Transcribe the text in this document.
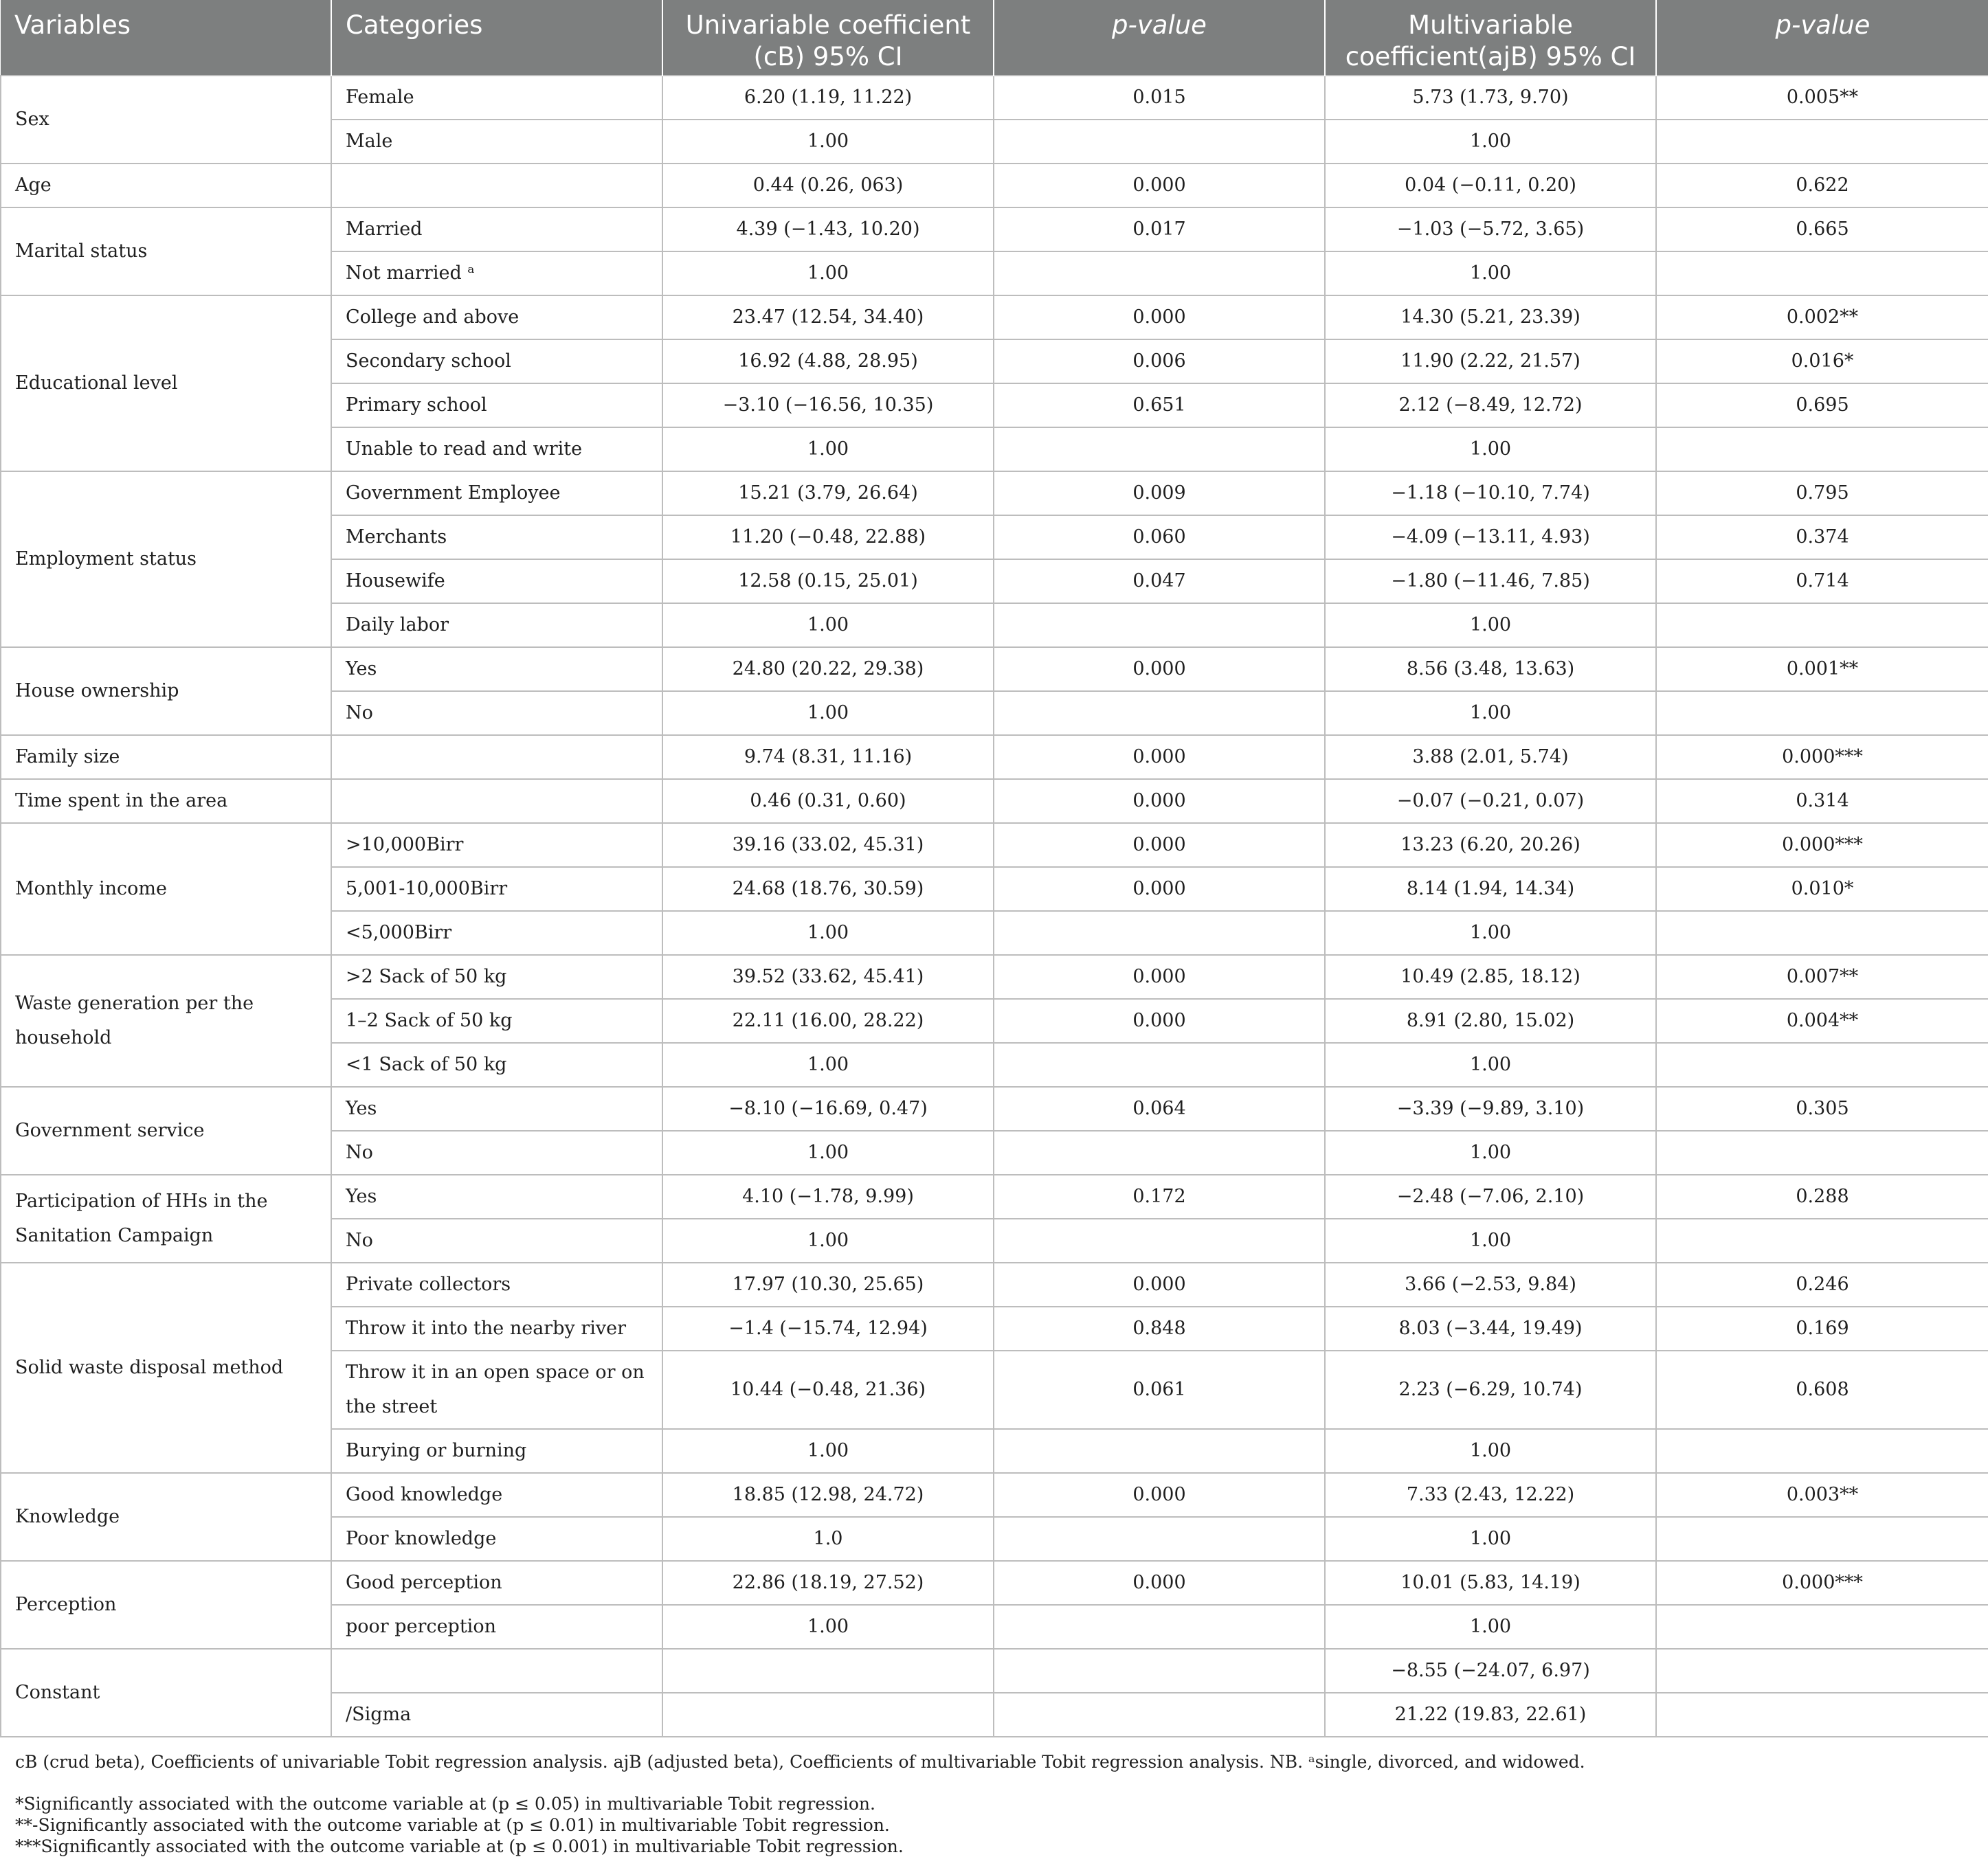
Variables	Categories	Univariable coefficient (cB) 95% CI	p-value	Multivariable coefficient(ajB) 95% CI	p-value
Sex	Female	6.20 (1.19, 11.22)	0.015	5.73 (1.73, 9.70)	0.005**
	Male	1.00		1.00	
Age		0.44 (0.26, 063)	0.000	0.04 (−0.11, 0.20)	0.622
Marital status	Married	4.39 (−1.43, 10.20)	0.017	−1.03 (−5.72, 3.65)	0.665
	Not married ᵃ	1.00		1.00	
Educational level	College and above	23.47 (12.54, 34.40)	0.000	14.30 (5.21, 23.39)	0.002**
	Secondary school	16.92 (4.88, 28.95)	0.006	11.90 (2.22, 21.57)	0.016*
	Primary school	−3.10 (−16.56, 10.35)	0.651	2.12 (−8.49, 12.72)	0.695
	Unable to read and write	1.00		1.00	
Employment status	Government Employee	15.21 (3.79, 26.64)	0.009	−1.18 (−10.10, 7.74)	0.795
	Merchants	11.20 (−0.48, 22.88)	0.060	−4.09 (−13.11, 4.93)	0.374
	Housewife	12.58 (0.15, 25.01)	0.047	−1.80 (−11.46, 7.85)	0.714
	Daily labor	1.00		1.00	
House ownership	Yes	24.80 (20.22, 29.38)	0.000	8.56 (3.48, 13.63)	0.001**
	No	1.00		1.00	
Family size		9.74 (8.31, 11.16)	0.000	3.88 (2.01, 5.74)	0.000***
Time spent in the area		0.46 (0.31, 0.60)	0.000	−0.07 (−0.21, 0.07)	0.314
Monthly income	>10,000Birr	39.16 (33.02, 45.31)	0.000	13.23 (6.20, 20.26)	0.000***
	5,001-10,000Birr	24.68 (18.76, 30.59)	0.000	8.14 (1.94, 14.34)	0.010*
	<5,000Birr	1.00		1.00	
Waste generation per the household	>2 Sack of 50 kg	39.52 (33.62, 45.41)	0.000	10.49 (2.85, 18.12)	0.007**
	1–2 Sack of 50 kg	22.11 (16.00, 28.22)	0.000	8.91 (2.80, 15.02)	0.004**
	<1 Sack of 50 kg	1.00		1.00	
Government service	Yes	−8.10 (−16.69, 0.47)	0.064	−3.39 (−9.89, 3.10)	0.305
	No	1.00		1.00	
Participation of HHs in the Sanitation Campaign	Yes	4.10 (−1.78, 9.99)	0.172	−2.48 (−7.06, 2.10)	0.288
	No	1.00		1.00	
Solid waste disposal method	Private collectors	17.97 (10.30, 25.65)	0.000	3.66 (−2.53, 9.84)	0.246
	Throw it into the nearby river	−1.4 (−15.74, 12.94)	0.848	8.03 (−3.44, 19.49)	0.169
	Throw it in an open space or on the street	10.44 (−0.48, 21.36)	0.061	2.23 (−6.29, 10.74)	0.608
	Burying or burning	1.00		1.00	
Knowledge	Good knowledge	18.85 (12.98, 24.72)	0.000	7.33 (2.43, 12.22)	0.003**
	Poor knowledge	1.0		1.00	
Perception	Good perception	22.86 (18.19, 27.52)	0.000	10.01 (5.83, 14.19)	0.000***
	poor perception	1.00		1.00	
Constant				−8.55 (−24.07, 6.97)	
	/Sigma			21.22 (19.83, 22.61)	

cB (crud beta), Coefficients of univariable Tobit regression analysis. ajB (adjusted beta), Coefficients of multivariable Tobit regression analysis. NB. ᵃsingle, divorced, and widowed.

*Significantly associated with the outcome variable at (p ≤ 0.05) in multivariable Tobit regression.

**-Significantly associated with the outcome variable at (p ≤ 0.01) in multivariable Tobit regression.

***Significantly associated with the outcome variable at (p ≤ 0.001) in multivariable Tobit regression.
